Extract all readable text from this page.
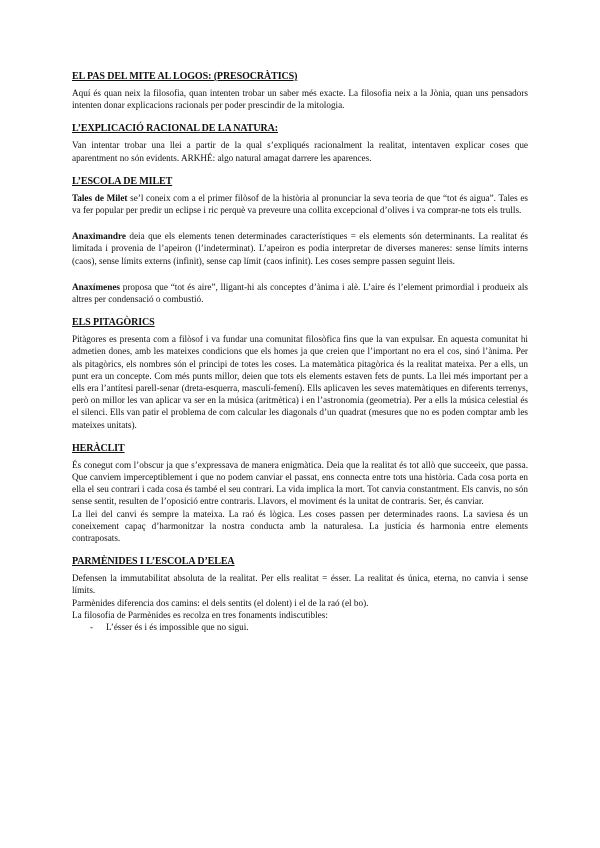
EL PAS DEL MITE AL LOGOS: (PRESOCRÀTICS)

Aquí és quan neix la filosofia, quan intenten trobar un saber més exacte. La filosofia neix a la Jònia, quan uns pensadors intenten donar explicacions racionals per poder prescindir de la mitologia.

L’EXPLICACIÓ RACIONAL DE LA NATURA:

Van intentar trobar una llei a partir de la qual s’expliqués racionalment la realitat, intentaven explicar coses que aparentment no són evidents. ARKHÉ: algo natural amagat darrere les aparences.

L’ESCOLA DE MILET

Tales de Milet se’l coneix com a el primer filòsof de la història al pronunciar la seva teoria de que “tot és aigua”. Tales es va fer popular per predir un eclipse i ric perquè va preveure una collita excepcional d’olives i va comprar-ne tots els trulls.

Anaximandre deia que els elements tenen determinades característiques = els elements són determinants. La realitat és limitada i provenia de l’apeiron (l’indeterminat). L’apeiron es podia interpretar de diverses maneres: sense límits interns (caos), sense límits externs (infinit), sense cap límit (caos infinit). Les coses sempre passen seguint lleis.

Anaxímenes proposa que “tot és aire”, lligant-hi als conceptes d’ànima i alè. L’aire és l’element primordial i produeix als altres per condensació o combustió.

ELS PITAGÒRICS

Pitàgores es presenta com a filòsof i va fundar una comunitat filosòfica fins que la van expulsar. En aquesta comunitat hi admetien dones, amb les mateixes condicions que els homes ja que creien que l’important no era el cos, sinó l’ànima. Per als pitagòrics, els nombres són el principi de totes les coses. La matemàtica pitagòrica és la realitat mateixa. Per a ells, un punt era un concepte. Com més punts millor, deien que tots els elements estaven fets de punts. La llei més important per a ells era l’antítesi parell-senar (dreta-esquerra, masculí-femení). Ells aplicaven les seves matemàtiques en diferents terrenys, però on millor les van aplicar va ser en la música (aritmètica) i en l’astronomia (geometria). Per a ells la música celestial és el silenci. Ells van patir el problema de com calcular les diagonals d’un quadrat (mesures que no es poden comptar amb les mateixes unitats).

HERÀCLIT

És conegut com l’obscur ja que s’expressava de manera enigmàtica. Deia que la realitat és tot allò que succeeix, que passa. Que canviem imperceptiblement i que no podem canviar el passat, ens connecta entre tots una història. Cada cosa porta en ella el seu contrari i cada cosa és també el seu contrari. La vida implica la mort. Tot canvia constantment. Els canvis, no són sense sentit, resulten de l’oposició entre contraris. Llavors, el moviment és la unitat de contraris. Ser, és canviar.

La llei del canvi és sempre la mateixa. La raó és lògica. Les coses passen per determinades raons. La saviesa és un coneixement capaç d’harmonitzar la nostra conducta amb la naturalesa. La justícia és harmonia entre elements contraposats.

PARMÈNIDES I L’ESCOLA D’ELEA

Defensen la immutabilitat absoluta de la realitat. Per ells realitat = ésser. La realitat és única, eterna, no canvia i sense límits.

Parmènides diferencia dos camins: el dels sentits (el dolent) i el de la raó (el bo).

La filosofia de Parmènides es recolza en tres fonaments indiscutibles:

-	L’ésser és i és impossible que no sigui.
